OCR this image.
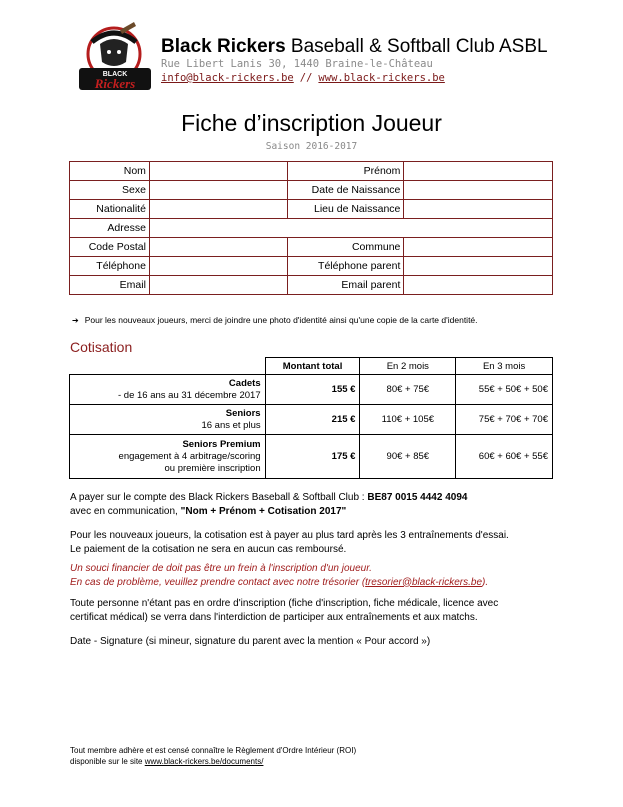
BLACK
Rickers
Black Rickers Baseball & Softball Club ASBL
Rue Libert Lanis 30, 1440 Braine-le-Château
info@black-rickers.be // www.black-rickers.be
Fiche d’inscription Joueur
Saison 2016-2017
Nom		Prénom	
Sexe		Date de Naissance	
Nationalité		Lieu de Naissance	
Adresse			
Code Postal		Commune	
Téléphone		Téléphone parent	
Email		Email parent	
➔ Pour les nouveaux joueurs, merci de joindre une photo d'identité ainsi qu'une copie de la carte d'identité.
Cotisation
	Montant total	En 2 mois	En 3 mois
Cadets
- de 16 ans au 31 décembre 2017	155 €	80€ + 75€	55€ + 50€ + 50€
Seniors
16 ans et plus	215 €	110€ + 105€	75€ + 70€ + 70€
Seniors Premium
engagement à 4 arbitrage/scoring
ou première inscription	175 €	90€ + 85€	60€ + 60€ + 55€
A payer sur le compte des Black Rickers Baseball & Softball Club : BE87 0015 4442 4094
avec en communication, "Nom + Prénom + Cotisation 2017"
Pour les nouveaux joueurs, la cotisation est à payer au plus tard après les 3 entraînements d'essai.
Le paiement de la cotisation ne sera en aucun cas remboursé.
Un souci financier de doit pas être un frein à l'inscription d'un joueur.
En cas de problème, veuillez prendre contact avec notre trésorier (tresorier@black-rickers.be).
Toute personne n'étant pas en ordre d'inscription (fiche d'inscription, fiche médicale, licence avec
certificat médical) se verra dans l'interdiction de participer aux entraînements et aux matchs.
Date - Signature (si mineur, signature du parent avec la mention « Pour accord »)
Tout membre adhère et est censé connaître le Règlement d'Ordre Intérieur (ROI)
disponible sur le site www.black-rickers.be/documents/
